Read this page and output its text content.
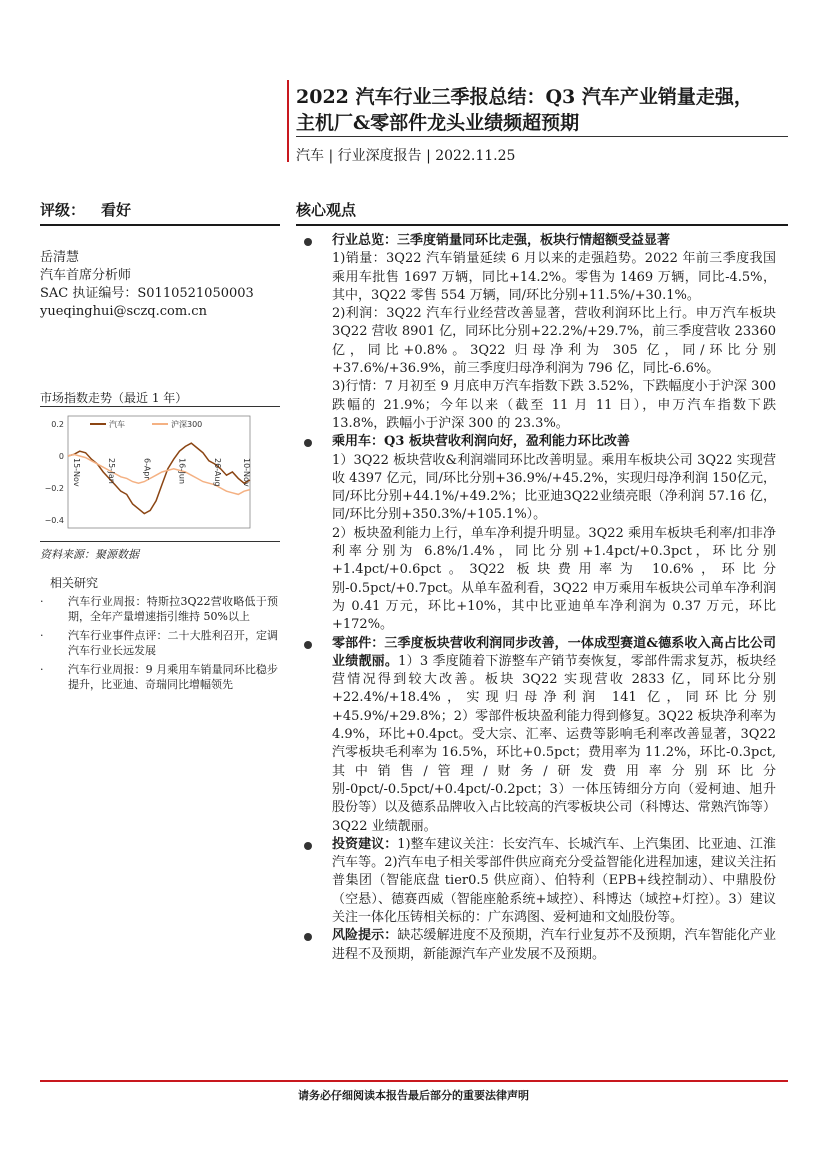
2022 汽车行业三季报总结：Q3 汽车产业销量走强，
主机厂&零部件龙头业绩频超预期
汽车 | 行业深度报告 | 2022.11.25
评级： 看好	核心观点
岳清慧
汽车首席分析师
SAC 执证编号：S0110521050003
yueqinghui@sczq.com.cn
市场指数走势（最近 1 年）
0.2
0
−0.2
−0.4
15-Nov	25-Jan	6-Apr	16-Jun	26-Aug	10-Nov
汽车	沪深300
资料来源：聚源数据
相关研究
· 汽车行业周报：特斯拉3Q22营收略低于预期，全年产量增速指引维持 50%以上
· 汽车行业事件点评：二十大胜利召开，定调汽车行业长远发展
· 汽车行业周报：9 月乘用车销量同环比稳步提升，比亚迪、奇瑞同比增幅领先
行业总览：三季度销量同环比走强，板块行情超额受益显著

1)销量：3Q22 汽车销量延续 6 月以来的走强趋势。2022 年前三季度我国乘用车批售 1697 万辆，同比+14.2%。零售为 1469 万辆，同比-4.5%，其中，3Q22 零售 554 万辆，同/环比分别+11.5%/+30.1%。

2)利润：3Q22 汽车行业经营改善显著，营收利润环比上行。申万汽车板块 3Q22 营收 8901 亿，同环比分别+22.2%/+29.7%，前三季度营收 23360 亿，同比+0.8%。3Q22 归母净利为 305 亿，同/环比分别+37.6%/+36.9%，前三季度归母净利润为 796 亿，同比-6.6%。

3)行情：7 月初至 9 月底申万汽车指数下跌 3.52%，下跌幅度小于沪深 300 跌幅的 21.9%；今年以来（截至 11 月 11 日），申万汽车指数下跌 13.8%，跌幅小于沪深 300 的 23.3%。

乘用车：Q3 板块营收利润向好，盈利能力环比改善

1）3Q22 板块营收&利润端同环比改善明显。乘用车板块公司 3Q22 实现营收 4397 亿元，同/环比分别+36.9%/+45.2%，实现归母净利润 150亿元，同/环比分别+44.1%/+49.2%；比亚迪3Q22业绩亮眼（净利润 57.16 亿，同/环比分别+350.3%/+105.1%）。

2）板块盈利能力上行，单车净利提升明显。3Q22 乘用车板块毛利率/扣非净利率分别为 6.8%/1.4%，同比分别+1.4pct/+0.3pct，环比分别+1.4pct/+0.6pct。3Q22 板块费用率为 10.6%，环比分别-0.5pct/+0.7pct。从单车盈利看，3Q22 申万乘用车板块公司单车净利润为 0.41 万元，环比+10%，其中比亚迪单车净利润为 0.37 万元，环比+172%。

零部件：三季度板块营收利润同步改善，一体成型赛道&德系收入高占比公司业绩靓丽。1）3 季度随着下游整车产销节奏恢复，零部件需求复苏，板块经营情况得到较大改善。板块 3Q22 实现营收 2833 亿，同环比分别+22.4%/+18.4%，实现归母净利润 141 亿，同环比分别+45.9%/+29.8%；2）零部件板块盈利能力得到修复。3Q22 板块净利率为 4.9%，环比+0.4pct。受大宗、汇率、运费等影响毛利率改善显著，3Q22 汽零板块毛利率为 16.5%，环比+0.5pct；费用率为 11.2%，环比-0.3pct,其中销售/管理/财务/研发费用率分别环比分别-0pct/-0.5pct/+0.4pct/-0.2pct；3）一体压铸细分方向（爱柯迪、旭升股份等）以及德系品牌收入占比较高的汽零板块公司（科博达、常熟汽饰等）3Q22 业绩靓丽。

投资建议：1)整车建议关注：长安汽车、长城汽车、上汽集团、比亚迪、江淮汽车等。2)汽车电子相关零部件供应商充分受益智能化进程加速，建议关注拓普集团（智能底盘 tier0.5 供应商）、伯特利（EPB+线控制动）、中鼎股份（空悬）、德赛西威（智能座舱系统+域控）、科博达（域控+灯控）。3）建议关注一体化压铸相关标的：广东鸿图、爱柯迪和文灿股份等。

风险提示：缺芯缓解进度不及预期，汽车行业复苏不及预期，汽车智能化产业进程不及预期，新能源汽车产业发展不及预期。

请务必仔细阅读本报告最后部分的重要法律声明
